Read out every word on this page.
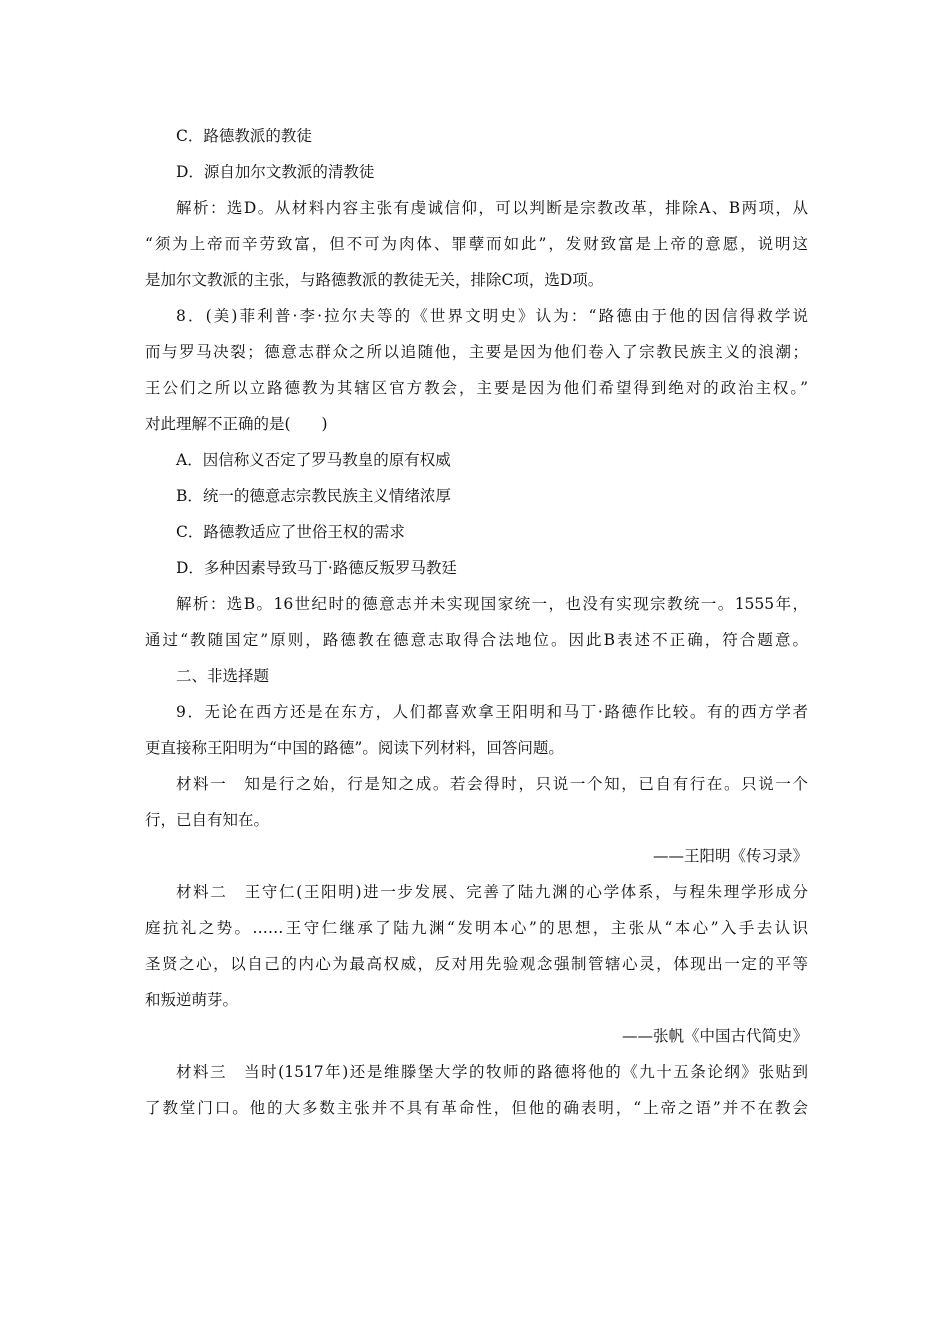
C．路德教派的教徒
D．源自加尔文教派的清教徒
解析：选D。从材料内容主张有虔诚信仰，可以判断是宗教改革，排除A、B两项，从
“须为上帝而辛劳致富，但不可为肉体、罪孽而如此”，发财致富是上帝的意愿，说明这
是加尔文教派的主张，与路德教派的教徒无关，排除C项，选D项。
8．(美)菲利普·李·拉尔夫等的《世界文明史》认为：“路德由于他的因信得救学说
而与罗马决裂；德意志群众之所以追随他，主要是因为他们卷入了宗教民族主义的浪潮；
王公们之所以立路德教为其辖区官方教会，主要是因为他们希望得到绝对的政治主权。”
对此理解不正确的是(　　)
A．因信称义否定了罗马教皇的原有权威
B．统一的德意志宗教民族主义情绪浓厚
C．路德教适应了世俗王权的需求
D．多种因素导致马丁·路德反叛罗马教廷
解析：选B。16世纪时的德意志并未实现国家统一，也没有实现宗教统一。1555年，
通过“教随国定”原则，路德教在德意志取得合法地位。因此B表述不正确，符合题意。
二、非选择题
9．无论在西方还是在东方，人们都喜欢拿王阳明和马丁·路德作比较。有的西方学者
更直接称王阳明为“中国的路德”。阅读下列材料，回答问题。
材料一　知是行之始，行是知之成。若会得时，只说一个知，已自有行在。只说一个
行，已自有知在。
——王阳明《传习录》
材料二　王守仁(王阳明)进一步发展、完善了陆九渊的心学体系，与程朱理学形成分
庭抗礼之势。……王守仁继承了陆九渊“发明本心”的思想，主张从“本心”入手去认识
圣贤之心，以自己的内心为最高权威，反对用先验观念强制管辖心灵，体现出一定的平等
和叛逆萌芽。
——张帆《中国古代简史》
材料三　当时(1517年)还是维滕堡大学的牧师的路德将他的《九十五条论纲》张贴到
了教堂门口。他的大多数主张并不具有革命性，但他的确表明，“上帝之语”并不在教会
